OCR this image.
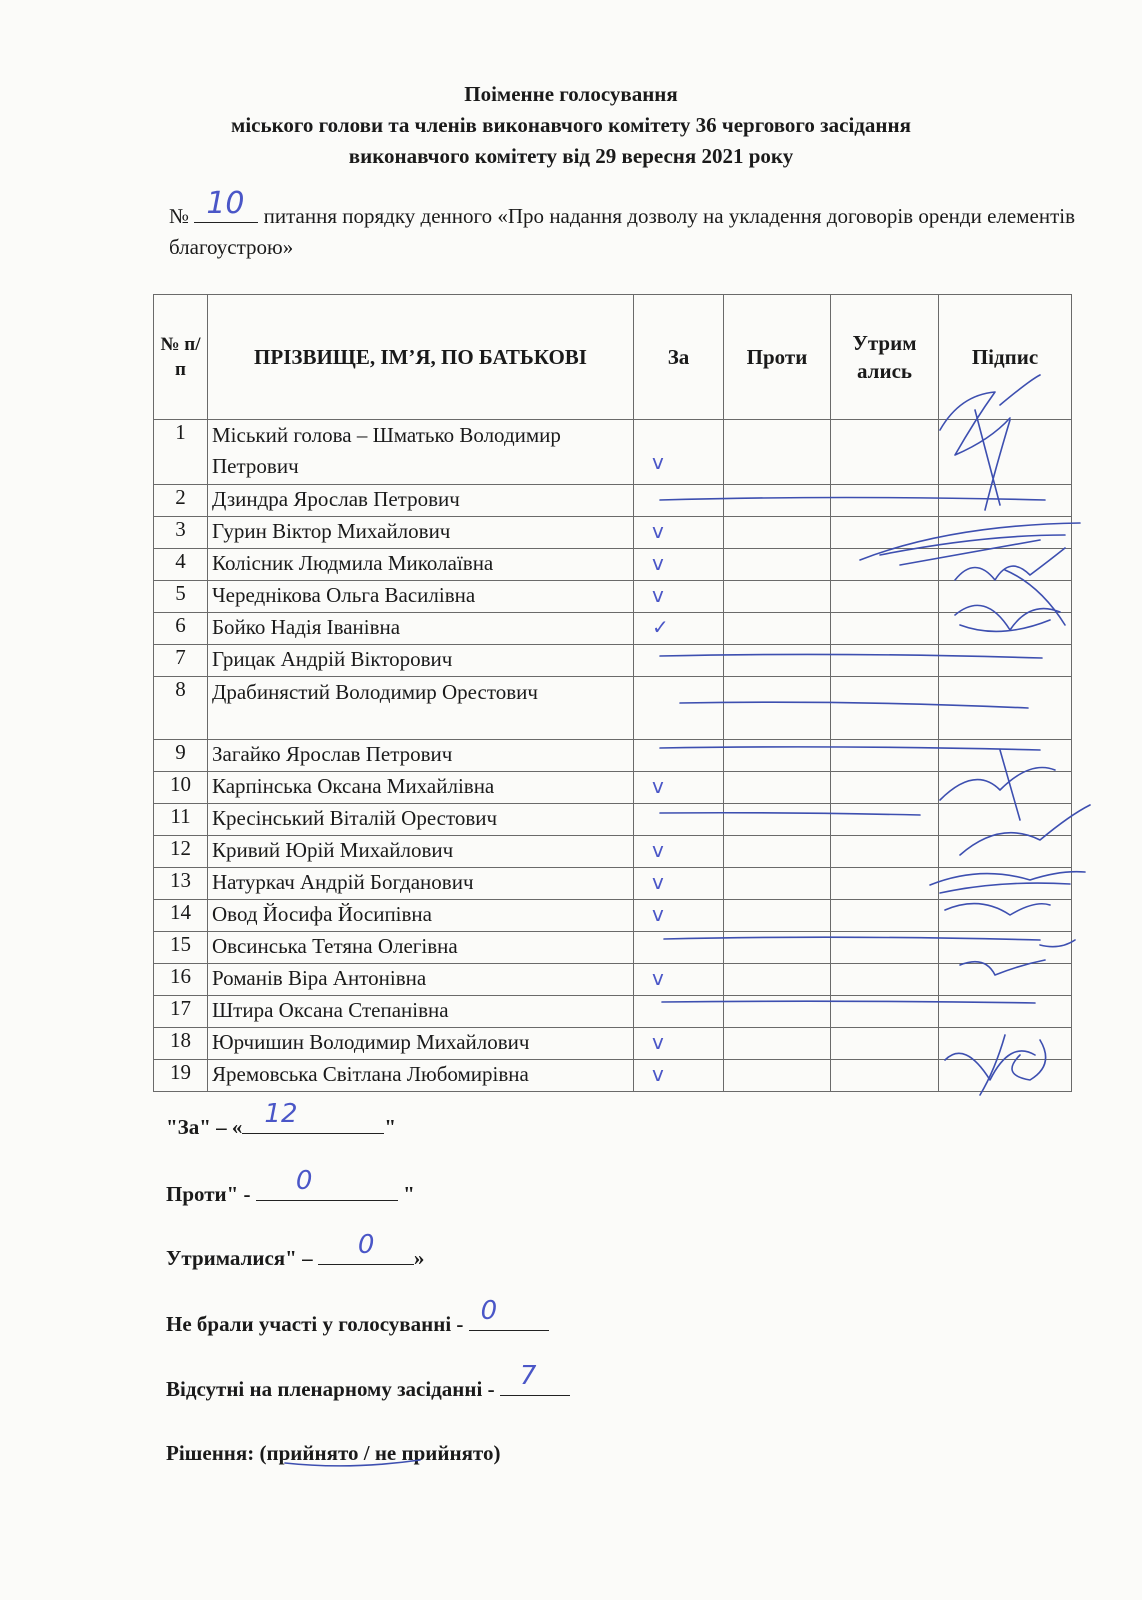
Поіменне голосування
міського голови та членів виконавчого комітету 36 чергового засідання
виконавчого комітету від 29 вересня 2021 року
№ 10 питання порядку денного «Про надання дозволу на укладення договорів оренди елементів благоустрою»
№ п/ п	ПРІЗВИЩЕ, ІМ’Я, ПО БАТЬКОВІ	За	Проти	Утрим ались	Підпис
1	Міський голова – Шматько Володимир Петрович	v			

2	Дзиндра Ярослав Петрович	

3	Гурин Віктор Михайлович	v			

4	Колісник Людмила Миколаївна	v			

5	Череднікова Ольга Василівна	v			

6	Бойко Надія Іванівна	✓			

7	Грицак Андрій Вікторович	

8	Драбинястий Володимир Орестович	

9	Загайко Ярослав Петрович	

10	Карпінська Оксана Михайлівна	v			

11	Кресінський Віталій Орестович	

12	Кривий Юрій Михайлович	v			

13	Натуркач Андрій Богданович	v			

14	Овод Йосифа Йосипівна	v			

15	Овсинська Тетяна Олегівна	

16	Романів Віра Антонівна	v			

17	Штира Оксана Степанівна	

18	Юрчишин Володимир Михайлович	v			

19	Яремовська Світлана Любомирівна	v			

"За" – « 12	"
Проти" - 0	"
Утрималися" – 0 »
Не брали участі у голосуванні - 0
Відсутні на пленарному засіданні - 7
Рішення: (прийнято / не прийнято)
